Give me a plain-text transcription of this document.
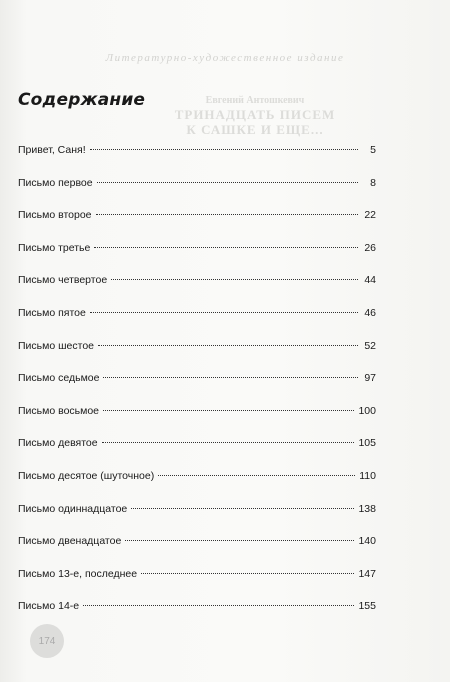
Литературно-художественное издание
Евгений Антошкевич
ТРИНАДЦАТЬ ПИСЕМ
К САШКЕ И ЕЩЕ...
Содержание
Привет, Саня!	5
Письмо первое	8
Письмо второе	22
Письмо третье	26
Письмо четвертое	44
Письмо пятое	46
Письмо шестое	52
Письмо седьмое	97
Письмо восьмое	100
Письмо девятое	105
Письмо десятое (шуточное)	110
Письмо одиннадцатое	138
Письмо двенадцатое	140
Письмо 13-е, последнее	147
Письмо 14-е	155
174
